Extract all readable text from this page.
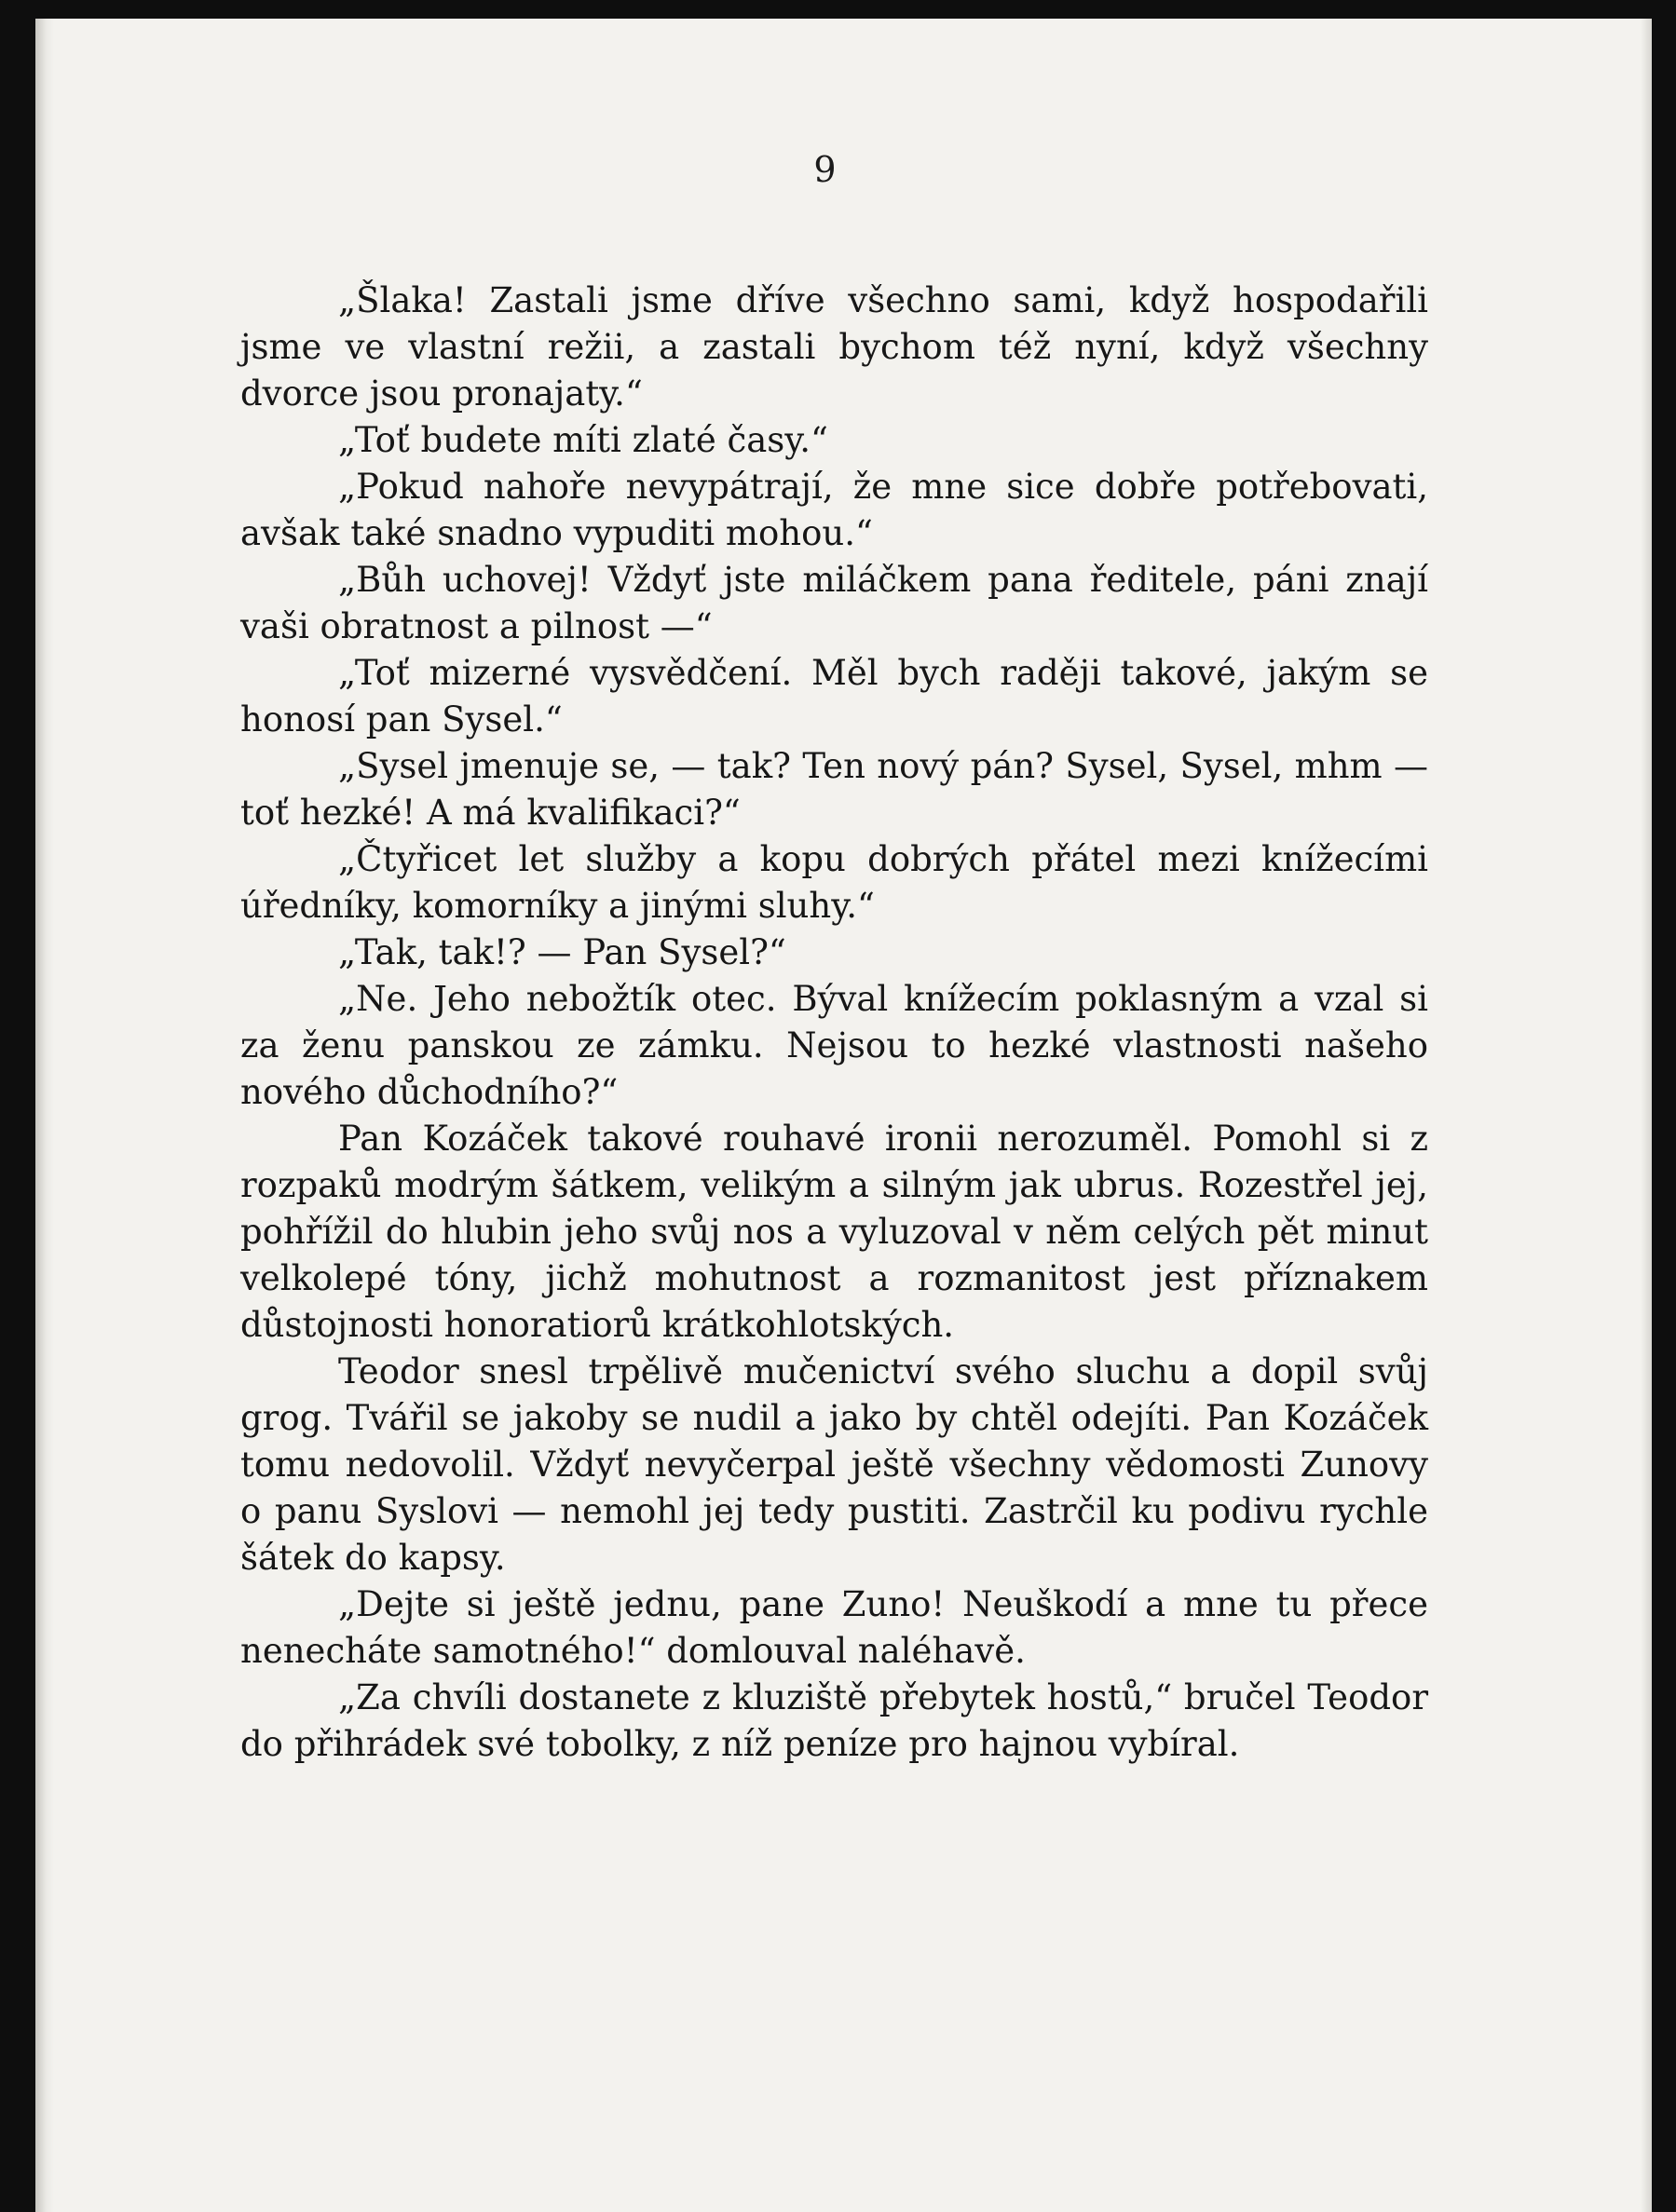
9

„Šlaka! Zastali jsme dříve všechno sami, když hospodařili jsme ve vlastní režii, a zastali bychom též nyní, když všechny dvorce jsou pronajaty.“

„Toť budete míti zlaté časy.“

„Pokud nahoře nevypátrají, že mne sice dobře potřebovati, avšak také snadno vypuditi mohou.“

„Bůh uchovej! Vždyť jste miláčkem pana ředitele, páni znají vaši obratnost a pilnost —“

„Toť mizerné vysvědčení. Měl bych raději takové, jakým se honosí pan Sysel.“

„Sysel jmenuje se, — tak? Ten nový pán? Sysel, Sysel, mhm — toť hezké! A má kvalifikaci?“

„Čtyřicet let služby a kopu dobrých přátel mezi knížecími úředníky, komorníky a jinými sluhy.“

„Tak, tak!? — Pan Sysel?“

„Ne. Jeho nebožtík otec. Býval knížecím poklasným a vzal si za ženu panskou ze zámku. Nejsou to hezké vlastnosti našeho nového důchodního?“

Pan Kozáček takové rouhavé ironii nerozuměl. Pomohl si z rozpaků modrým šátkem, velikým a silným jak ubrus. Rozestřel jej, pohřížil do hlubin jeho svůj nos a vyluzoval v něm celých pět minut velkolepé tóny, jichž mohutnost a rozmanitost jest příznakem důstojnosti honoratiorů krátkohlotských.

Teodor snesl trpělivě mučenictví svého sluchu a dopil svůj grog. Tvářil se jakoby se nudil a jako by chtěl odejíti. Pan Kozáček tomu nedovolil. Vždyť nevyčerpal ještě všechny vědomosti Zunovy o panu Syslovi — nemohl jej tedy pustiti. Zastrčil ku podivu rychle šátek do kapsy.

„Dejte si ještě jednu, pane Zuno! Neuškodí a mne tu přece nenecháte samotného!“ domlouval naléhavě.

„Za chvíli dostanete z kluziště přebytek hostů,“ bručel Teodor do přihrádek své tobolky, z níž peníze pro hajnou vybíral.
